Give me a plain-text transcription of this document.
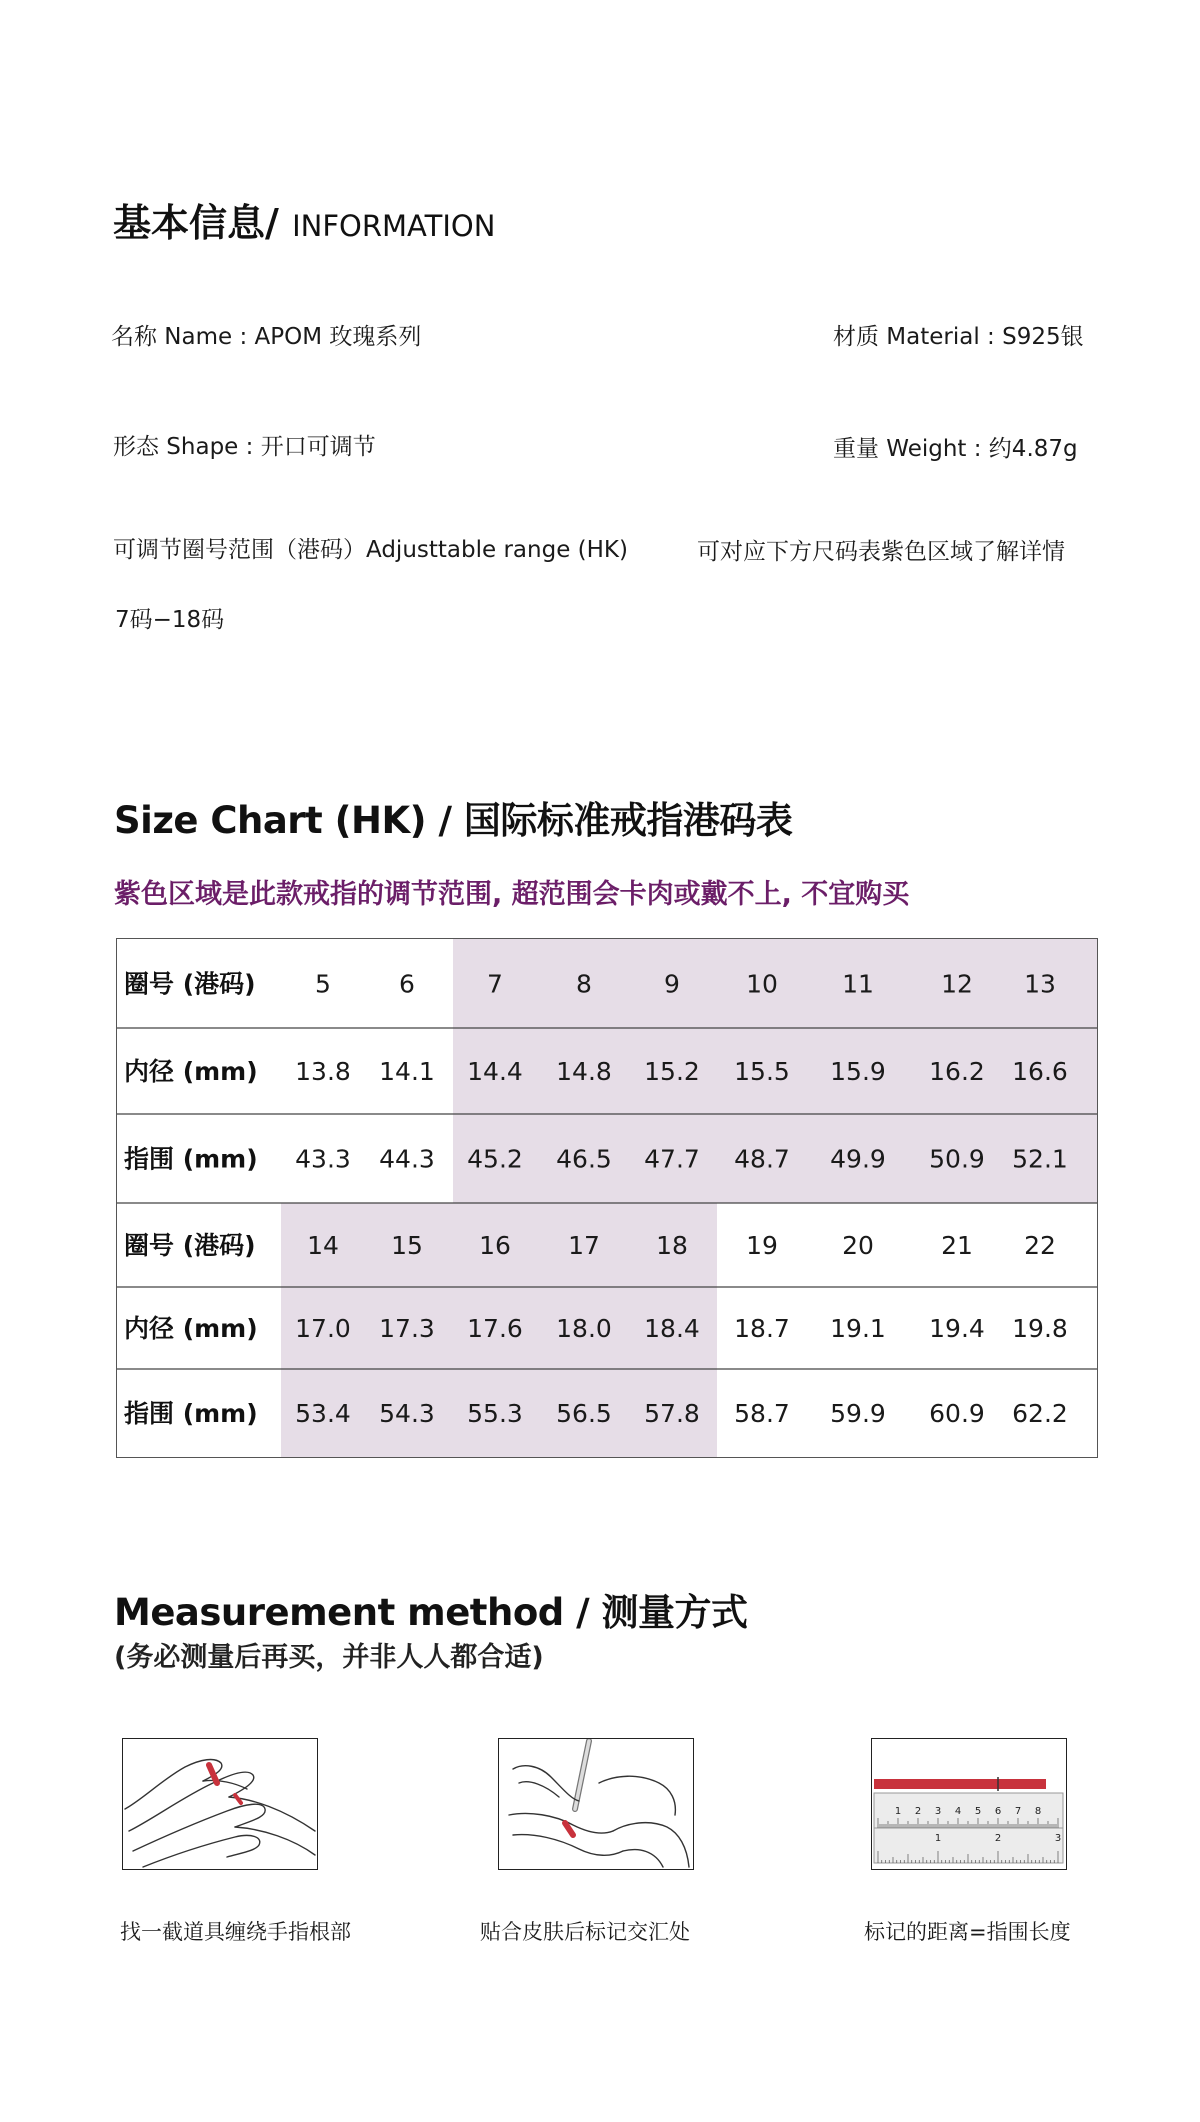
基本信息/ INFORMATION
名称 Name : APOM 玫瑰系列	材质 Material : S925银
形态 Shape : 开口可调节	重量 Weight : 约4.87g
可调节圈号范围（港码）Adjusttable range (HK)	可对应下方尺码表紫色区域了解详情
7码−18码
Size Chart (HK) / 国际标准戒指港码表
紫色区域是此款戒指的调节范围, 超范围会卡肉或戴不上, 不宜购买
圈号 (港码) 5	6	7	8	9	10	11	12 13
内径 (mm) 13.8 14.1 14.4 14.8 15.2 15.5 15.9 16.2 16.6
指围 (mm) 43.3 44.3 45.2 46.5 47.7 48.7 49.9 50.9 52.1
圈号 (港码) 14 15 16 17 18 19	20	21 22
内径 (mm) 17.0 17.3 17.6 18.0 18.4 18.7 19.1 19.4 19.8
指围 (mm) 53.4 54.3 55.3 56.5 57.8 58.7 59.9 60.9 62.2
Measurement method / 测量方式
(务必测量后再买，并非人人都合适)
找一截道具缠绕手指根部	贴合皮肤后标记交汇处
1 2 3 4 5 6 7 8
1	2	3
标记的距离=指围长度
